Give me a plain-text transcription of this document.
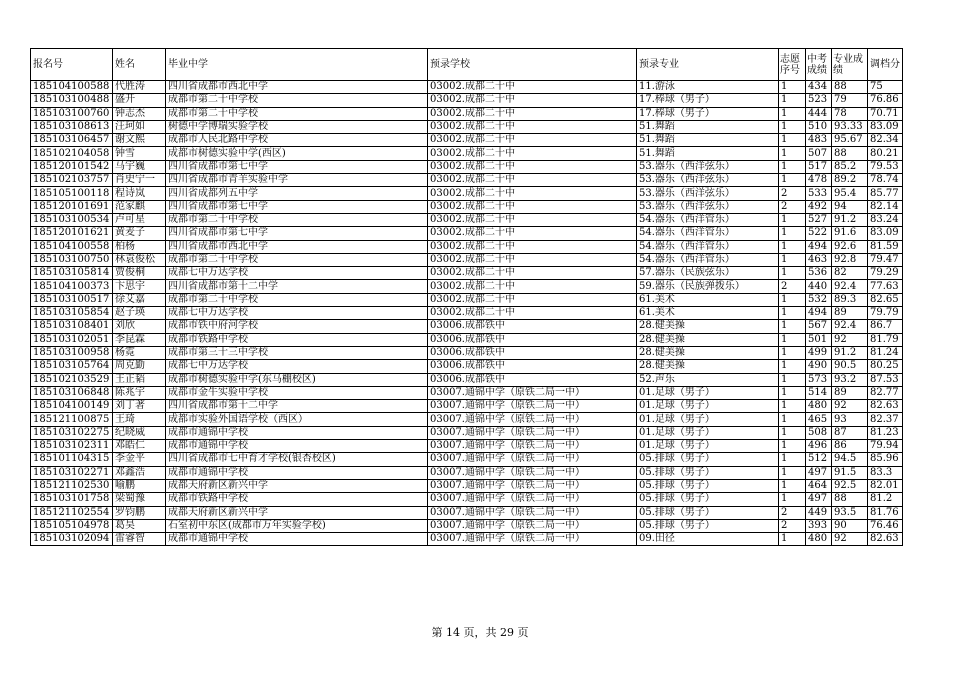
报名号	姓名	毕业中学	预录学校	预录专业	志愿序号	中考成绩	专业成绩	调档分
185104100588	代胜涛	四川省成都市西北中学	03002.成都二十中	11.游泳	1	434	88	75
185103100488	盛开	成都市第二十中学校	03002.成都二十中	17.棒球（男子）	1	523	79	76.86
185103100760	钟志杰	成都市第二十中学校	03002.成都二十中	17.棒球（男子）	1	444	78	70.71
185103108613	汪珂如	树德中学博瑞实验学校	03002.成都二十中	51.舞蹈	1	510	93.33	83.09
185103106457	谢文熙	成都市人民北路中学校	03002.成都二十中	51.舞蹈	1	483	95.67	82.34
185102104058	钟雪	成都市树德实验中学(西区)	03002.成都二十中	51.舞蹈	1	507	88	80.21
185120101542	马宇巍	四川省成都市第七中学	03002.成都二十中	53.器乐（西洋弦乐）	1	517	85.2	79.53
185102103757	肖史宁一	四川省成都市青羊实验中学	03002.成都二十中	53.器乐（西洋弦乐）	1	478	89.2	78.74
185105100118	程诗岚	四川省成都列五中学	03002.成都二十中	53.器乐（西洋弦乐）	2	533	95.4	85.77
185120101691	范家麒	四川省成都市第七中学	03002.成都二十中	53.器乐（西洋弦乐）	2	492	94	82.14
185103100534	卢可星	成都市第二十中学校	03002.成都二十中	54.器乐（西洋管乐）	1	527	91.2	83.24
185120101621	黄麦子	四川省成都市第七中学	03002.成都二十中	54.器乐（西洋管乐）	1	522	91.6	83.09
185104100558	柏杨	四川省成都市西北中学	03002.成都二十中	54.器乐（西洋管乐）	1	494	92.6	81.59
185103100750	林袁俊松	成都市第二十中学校	03002.成都二十中	54.器乐（西洋管乐）	1	463	92.8	79.47
185103105814	贾俊桐	成都七中万达学校	03002.成都二十中	57.器乐（民族弦乐）	1	536	82	79.29
185104100373	卞思宇	四川省成都市第十二中学	03002.成都二十中	59.器乐（民族弹拨乐）	2	440	92.4	77.63
185103100517	徐艾嘉	成都市第二十中学校	03002.成都二十中	61.美术	1	532	89.3	82.65
185103105854	赵子瑛	成都七中万达学校	03002.成都二十中	61.美术	1	494	89	79.79
185103108401	刘欣	成都市铁中府河学校	03006.成都铁中	28.健美操	1	567	92.4	86.7
185103102051	李昆霖	成都市铁路中学校	03006.成都铁中	28.健美操	1	501	92	81.79
185103100958	杨霓	成都市第三十三中学校	03006.成都铁中	28.健美操	1	499	91.2	81.24
185103105764	周克勤	成都七中万达学校	03006.成都铁中	28.健美操	1	490	90.5	80.25
185102103529	王正韬	成都市树德实验中学(东马棚校区)	03006.成都铁中	52.声乐	1	573	93.2	87.53
185103106848	陈兆宇	成都市金牛实验中学校	03007.通锦中学（原铁二局一中）	01.足球（男子）	1	514	89	82.77
185104100149	刘丁著	四川省成都市第十二中学	03007.通锦中学（原铁二局一中）	01.足球（男子）	1	480	92	82.63
185121100875	王琦	成都市实验外国语学校（西区）	03007.通锦中学（原铁二局一中）	01.足球（男子）	1	465	93	82.37
185103102275	纪晓威	成都市通锦中学校	03007.通锦中学（原铁二局一中）	01.足球（男子）	1	508	87	81.23
185103102311	邓皓仁	成都市通锦中学校	03007.通锦中学（原铁二局一中）	01.足球（男子）	1	496	86	79.94
185101104315	李金平	四川省成都市七中育才学校(银杏校区)	03007.通锦中学（原铁二局一中）	05.排球（男子）	1	512	94.5	85.96
185103102271	邓鑫浩	成都市通锦中学校	03007.通锦中学（原铁二局一中）	05.排球（男子）	1	497	91.5	83.3
185121102530	喻鹏	成都天府新区新兴中学	03007.通锦中学（原铁二局一中）	05.排球（男子）	1	464	92.5	82.01
185103101758	梁蜀豫	成都市铁路中学校	03007.通锦中学（原铁二局一中）	05.排球（男子）	1	497	88	81.2
185121102554	罗钧鹏	成都天府新区新兴中学	03007.通锦中学（原铁二局一中）	05.排球（男子）	2	449	93.5	81.76
185105104978	葛昊	石室初中东区(成都市万年实验学校)	03007.通锦中学（原铁二局一中）	05.排球（男子）	2	393	90	76.46
185103102094	雷睿智	成都市通锦中学校	03007.通锦中学（原铁二局一中）	09.田径	1	480	92	82.63
第 14 页，共 29 页
